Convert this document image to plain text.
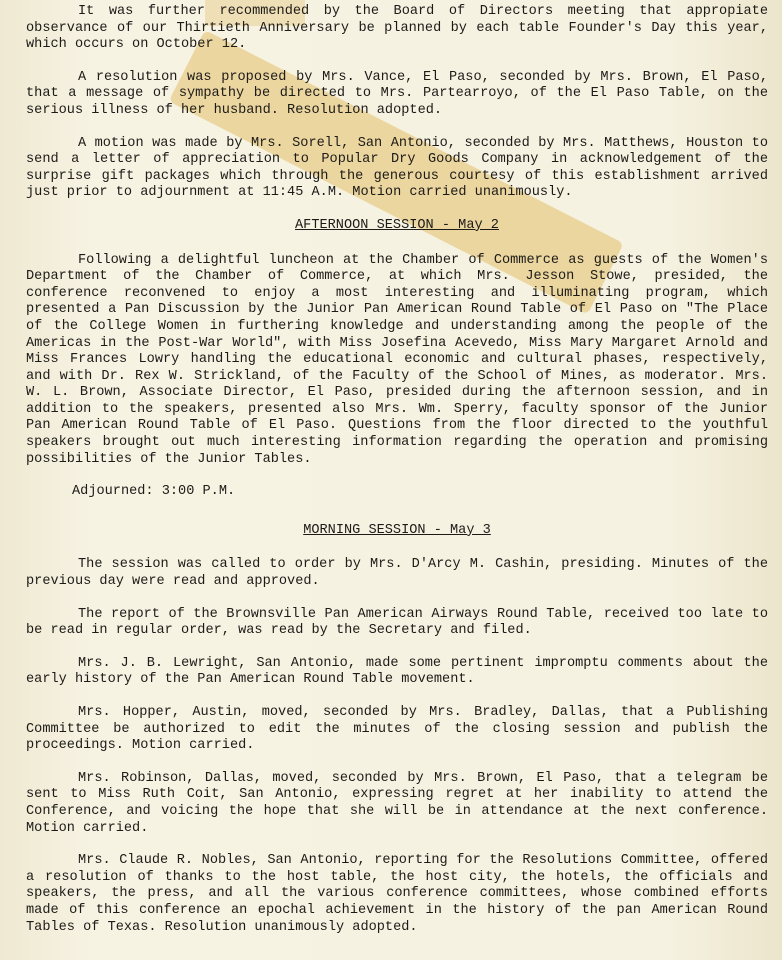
It was further recommended by the Board of Directors meeting that appropiate observance of our Thirtieth Anniversary be planned by each table Founder's Day this year, which occurs on October 12.

A resolution was proposed by Mrs. Vance, El Paso, seconded by Mrs. Brown, El Paso, that a message of sympathy be directed to Mrs. Partearroyo, of the El Paso Table, on the serious illness of her husband. Resolution adopted.

A motion was made by Mrs. Sorell, San Antonio, seconded by Mrs. Matthews, Houston to send a letter of appreciation to Popular Dry Goods Company in acknowledgement of the surprise gift packages which through the generous courtesy of this establishment arrived just prior to adjournment at 11:45 A.M. Motion carried unanimously.

AFTERNOON SESSION - May 2

Following a delightful luncheon at the Chamber of Commerce as guests of the Women's Department of the Chamber of Commerce, at which Mrs. Jesson Stowe, presided, the conference reconvened to enjoy a most interesting and illuminating program, which presented a Pan Discussion by the Junior Pan American Round Table of El Paso on "The Place of the College Women in furthering knowledge and understanding among the people of the Americas in the Post-War World", with Miss Josefina Acevedo, Miss Mary Margaret Arnold and Miss Frances Lowry handling the educational economic and cultural phases, respectively, and with Dr. Rex W. Strickland, of the Faculty of the School of Mines, as moderator. Mrs. W. L. Brown, Associate Director, El Paso, presided during the afternoon session, and in addition to the speakers, presented also Mrs. Wm. Sperry, faculty sponsor of the Junior Pan American Round Table of El Paso. Questions from the floor directed to the youthful speakers brought out much interesting information regarding the operation and promising possibilities of the Junior Tables.

Adjourned: 3:00 P.M.
MORNING SESSION - May 3

The session was called to order by Mrs. D'Arcy M. Cashin, presiding. Minutes of the previous day were read and approved.

The report of the Brownsville Pan American Airways Round Table, received too late to be read in regular order, was read by the Secretary and filed.

Mrs. J. B. Lewright, San Antonio, made some pertinent impromptu comments about the early history of the Pan American Round Table movement.

Mrs. Hopper, Austin, moved, seconded by Mrs. Bradley, Dallas, that a Publishing Committee be authorized to edit the minutes of the closing session and publish the proceedings. Motion carried.

Mrs. Robinson, Dallas, moved, seconded by Mrs. Brown, El Paso, that a telegram be sent to Miss Ruth Coit, San Antonio, expressing regret at her inability to attend the Conference, and voicing the hope that she will be in attendance at the next conference. Motion carried.

Mrs. Claude R. Nobles, San Antonio, reporting for the Resolutions Committee, offered a resolution of thanks to the host table, the host city, the hotels, the officials and speakers, the press, and all the various conference committees, whose combined efforts made of this conference an epochal achievement in the history of the pan American Round Tables of Texas. Resolution unanimously adopted.
